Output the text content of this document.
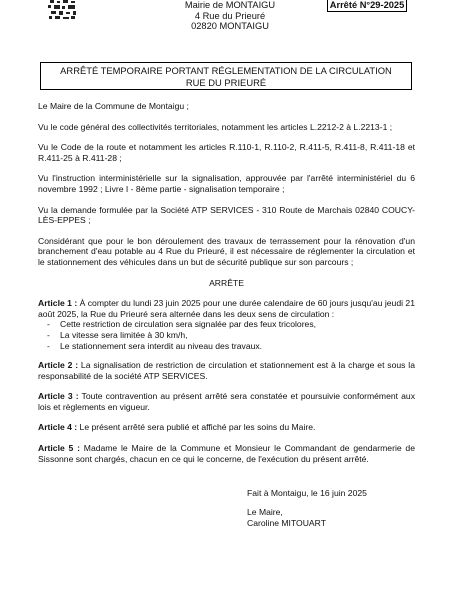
Mairie de MONTAIGU
4 Rue du Prieuré
02820 MONTAIGU
Arrêté N°29-2025
ARRÊTÉ TEMPORAIRE PORTANT RÉGLEMENTATION DE LA CIRCULATION
RUE DU PRIEURÉ

Le Maire de la Commune de Montaigu ;

Vu le code général des collectivités territoriales, notamment les articles L.2212-2 à L.2213-1 ;

Vu le Code de la route et notamment les articles R.110-1, R.110-2, R.411-5, R.411-8, R.411-18 et R.411-25 à R.411-28 ;

Vu l'instruction interministérielle sur la signalisation, approuvée par l'arrêté interministériel du 6 novembre 1992 ; Livre I - 8ème partie - signalisation temporaire ;

Vu la demande formulée par la Société ATP SERVICES - 310 Route de Marchais 02840 COUCY-LÈS-EPPES ;

Considérant que pour le bon déroulement des travaux de terrassement pour la rénovation d'un branchement d'eau potable au 4 Rue du Prieuré, il est nécessaire de réglementer la circulation et le stationnement des véhicules dans un but de sécurité publique sur son parcours ;

ARRÊTE

Article 1 : À compter du lundi 23 juin 2025 pour une durée calendaire de 60 jours jusqu'au jeudi 21 août 2025, la Rue du Prieuré sera alternée dans les deux sens de circulation :

- Cette restriction de circulation sera signalée par des feux tricolores,
- La vitesse sera limitée à 30 km/h,
- Le stationnement sera interdit au niveau des travaux.

Article 2 : La signalisation de restriction de circulation et stationnement est à la charge et sous la responsabilité de la société ATP SERVICES.

Article 3 : Toute contravention au présent arrêté sera constatée et poursuivie conformément aux lois et règlements en vigueur.

Article 4 : Le présent arrêté sera publié et affiché par les soins du Maire.

Article 5 : Madame le Maire de la Commune et Monsieur le Commandant de gendarmerie de Sissonne sont chargés, chacun en ce qui le concerne, de l'exécution du présent arrêté.

Fait à Montaigu, le 16 juin 2025
Le Maire,
Caroline MITOUART
